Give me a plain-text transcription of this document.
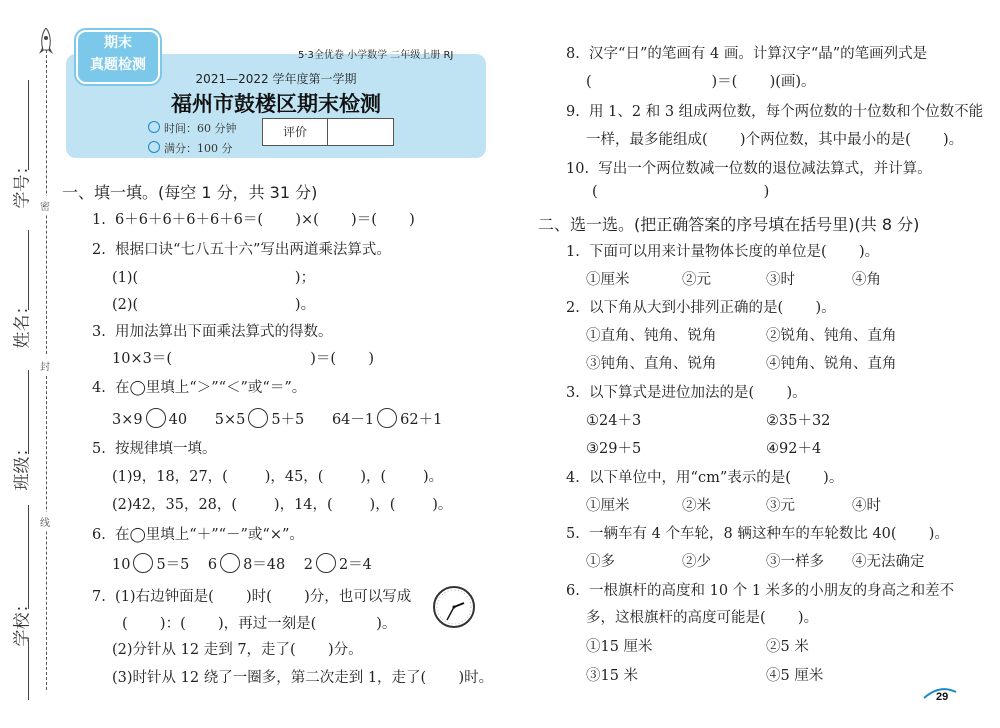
学号：
姓名：
班级：
学校：
密
封
线
期末
真题检测
5·3全优卷 小学数学 二年级上册 RJ
2021—2022 学年度第一学期
福州市鼓楼区期末检测
时间：60 分钟
满分：100 分
评价
一、填一填。(每空 1 分，共 31 分)
1.  6＋6＋6＋6＋6＋6＝(       )×(       )＝(       )
2.  根据口诀“七八五十六”写出两道乘法算式。
(1)(                                  )；
(2)(                                  )。
3.  用加法算出下面乘法算式的得数。
10×3＝(                              )＝(       )
4.  在◯里填上“＞”“＜”或“＝”。
3×9 40 5×5 5＋5 64－1 62＋1
5.  按规律填一填。
(1)9，18，27，(        )，45，(        )，(        )。
(2)42，35，28，(        )，14，(        )，(        )。
6.  在◯里填上“＋”“－”或“×”。
10 5＝5 6 8＝48 2 2＝4
7.  (1)右边钟面是(       )时(       )分，也可以写成
(       )：(       )，再过一刻是(             )。
(2)分针从 12 走到 7，走了(       )分。
(3)时针从 12 绕了一圈多，第二次走到 1，走了(       )时。
8.  汉字“日”的笔画有 4 画。计算汉字“晶”的笔画列式是
(                          )＝(       )(画)。
9.  用 1、2 和 3 组成两位数，每个两位数的十位数和个位数不能
一样，最多能组成(       )个两位数，其中最小的是(       )。
10.  写出一个两位数减一位数的退位减法算式，并计算。
(                                    )
二、选一选。(把正确答案的序号填在括号里)(共 8 分)
1.  下面可以用来计量物体长度的单位是(       )。
①厘米	②元	③时	④角
2.  以下角从大到小排列正确的是(       )。
①直角、钝角、锐角	②锐角、钝角、直角
③钝角、直角、锐角	④钝角、锐角、直角
3.  以下算式是进位加法的是(       )。
①24＋3	②35＋32
③29＋5	④92＋4
4.  以下单位中，用“cm”表示的是(       )。
①厘米	②米	③元	④时
5.  一辆车有 4 个车轮，8 辆这种车的车轮数比 40(       )。
①多	②少	③一样多 ④无法确定
6.  一根旗杆的高度和 10 个 1 米多的小朋友的身高之和差不
多，这根旗杆的高度可能是(       )。
①15 厘米	②5 米
③15 米	④5 厘米
29
